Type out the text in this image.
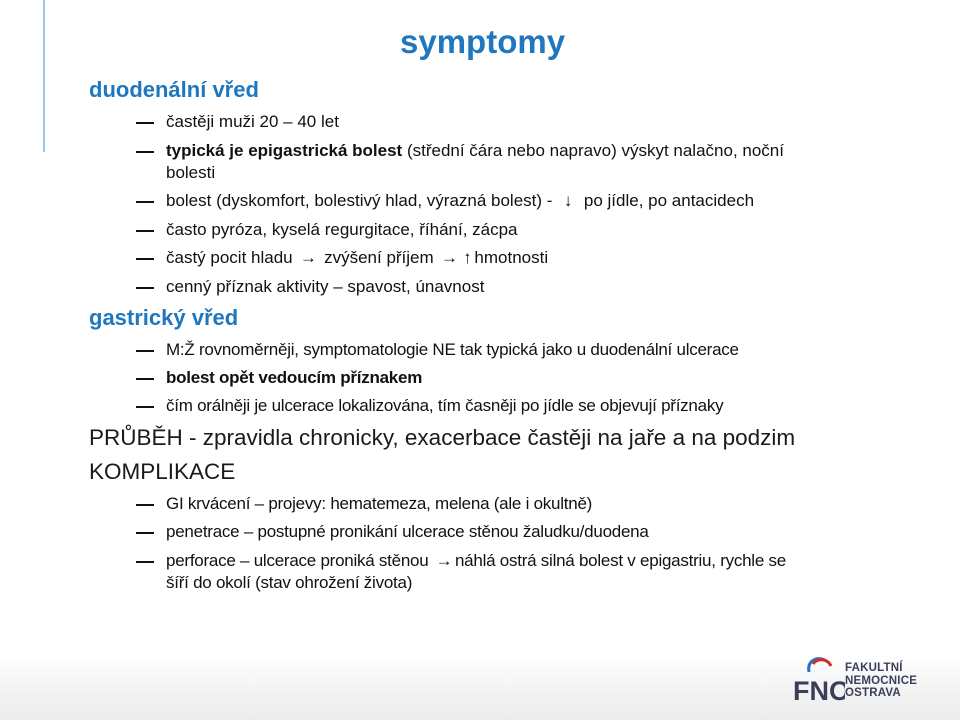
symptomy
duodenální vřed
častěji muži 20 – 40 let
typická je epigastrická bolest (střední čára nebo napravo) výskyt nalačno, noční
bolesti
bolest (dyskomfort, bolestivý hlad, výrazná bolest) - ↓ po jídle, po antacidech
často pyróza, kyselá regurgitace, říhání, zácpa
častý pocit hladu → zvýšení příjem → ↑ hmotnosti
cenný příznak aktivity – spavost, únavnost
gastrický vřed
M:Ž rovnoměrněji, symptomatologie NE tak typická jako u duodenální ulcerace
bolest opět vedoucím příznakem
čím orálněji je ulcerace lokalizována, tím časněji po jídle se objevují příznaky
PRŮBĚH - zpravidla chronicky, exacerbace častěji na jaře a na podzim
KOMPLIKACE
GI krvácení – projevy: hematemeza, melena (ale i okultně)
penetrace – postupné pronikání ulcerace stěnou žaludku/duodena
perforace – ulcerace proniká stěnou → náhlá ostrá silná bolest v epigastriu, rychle se
šíří do okolí (stav ohrožení života)
FNO
FAKULTNÍ
NEMOCNICE
OSTRAVA
